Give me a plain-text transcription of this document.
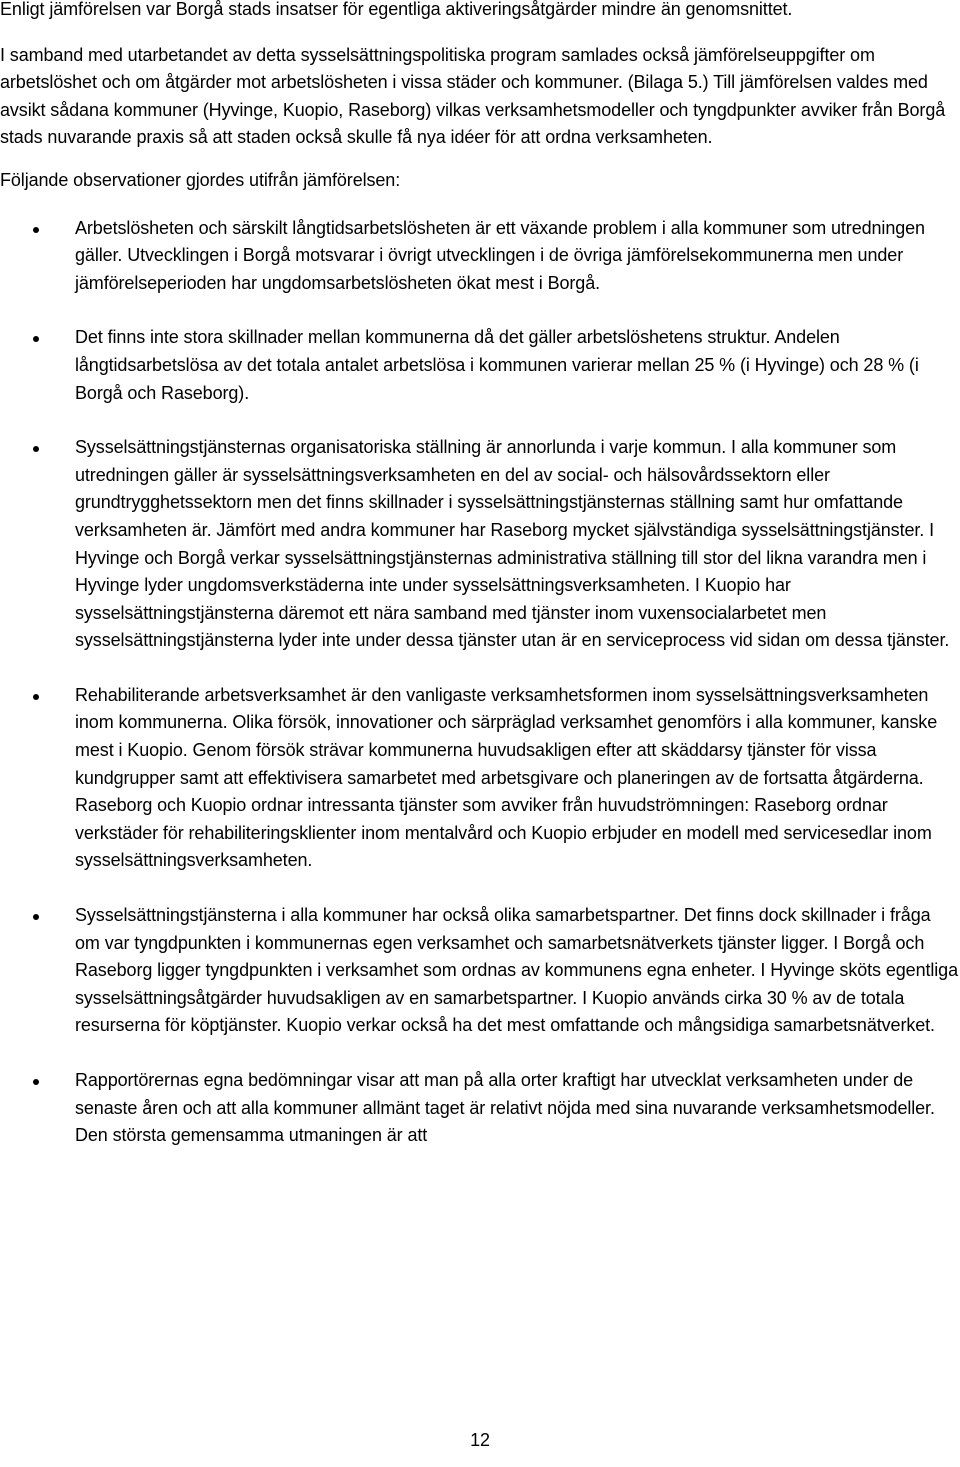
Enligt jämförelsen var Borgå stads insatser för egentliga aktiveringsåtgärder mindre än genomsnittet.

I samband med utarbetandet av detta sysselsättningspolitiska program samlades också jämförelseuppgifter om arbetslöshet och om åtgärder mot arbetslösheten i vissa städer och kommuner. (Bilaga 5.) Till jämförelsen valdes med avsikt sådana kommuner (Hyvinge, Kuopio, Raseborg) vilkas verksamhetsmodeller och tyngdpunkter avviker från Borgå stads nuvarande praxis så att staden också skulle få nya idéer för att ordna verksamheten.

Följande observationer gjordes utifrån jämförelsen:

Arbetslösheten och särskilt långtidsarbetslösheten är ett växande problem i alla kommuner som utredningen gäller. Utvecklingen i Borgå motsvarar i övrigt utvecklingen i de övriga jämförelsekommunerna men under jämförelseperioden har ungdomsarbetslösheten ökat mest i Borgå.
Det finns inte stora skillnader mellan kommunerna då det gäller arbetslöshetens struktur. Andelen långtidsarbetslösa av det totala antalet arbetslösa i kommunen varierar mellan 25 % (i Hyvinge) och 28 % (i Borgå och Raseborg).
Sysselsättningstjänsternas organisatoriska ställning är annorlunda i varje kommun. I alla kommuner som utredningen gäller är sysselsättningsverksamheten en del av social- och hälsovårdssektorn eller grundtrygghetssektorn men det finns skillnader i sysselsättningstjänsternas ställning samt hur omfattande verksamheten är. Jämfört med andra kommuner har Raseborg mycket självständiga sysselsättningstjänster. I Hyvinge och Borgå verkar sysselsättningstjänsternas administrativa ställning till stor del likna varandra men i Hyvinge lyder ungdomsverkstäderna inte under sysselsättningsverksamheten. I Kuopio har sysselsättningstjänsterna däremot ett nära samband med tjänster inom vuxensocialarbetet men sysselsättningstjänsterna lyder inte under dessa tjänster utan är en serviceprocess vid sidan om dessa tjänster.
Rehabiliterande arbetsverksamhet är den vanligaste verksamhetsformen inom sysselsättningsverksamheten inom kommunerna. Olika försök, innovationer och särpräglad verksamhet genomförs i alla kommuner, kanske mest i Kuopio. Genom försök strävar kommunerna huvudsakligen efter att skäddarsy tjänster för vissa kundgrupper samt att effektivisera samarbetet med arbetsgivare och planeringen av de fortsatta åtgärderna. Raseborg och Kuopio ordnar intressanta tjänster som avviker från huvudströmningen: Raseborg ordnar verkstäder för rehabiliteringsklienter inom mentalvård och Kuopio erbjuder en modell med servicesedlar inom sysselsättningsverksamheten.
Sysselsättningstjänsterna i alla kommuner har också olika samarbetspartner. Det finns dock skillnader i fråga om var tyngdpunkten i kommunernas egen verksamhet och samarbetsnätverkets tjänster ligger. I Borgå och Raseborg ligger tyngdpunkten i verksamhet som ordnas av kommunens egna enheter. I Hyvinge sköts egentliga sysselsättningsåtgärder huvudsakligen av en samarbetspartner. I Kuopio används cirka 30 % av de totala resurserna för köptjänster. Kuopio verkar också ha det mest omfattande och mångsidiga samarbetsnätverket.
Rapportörernas egna bedömningar visar att man på alla orter kraftigt har utvecklat verksamheten under de senaste åren och att alla kommuner allmänt taget är relativt nöjda med sina nuvarande verksamhetsmodeller. Den största gemensamma utmaningen är att
12
